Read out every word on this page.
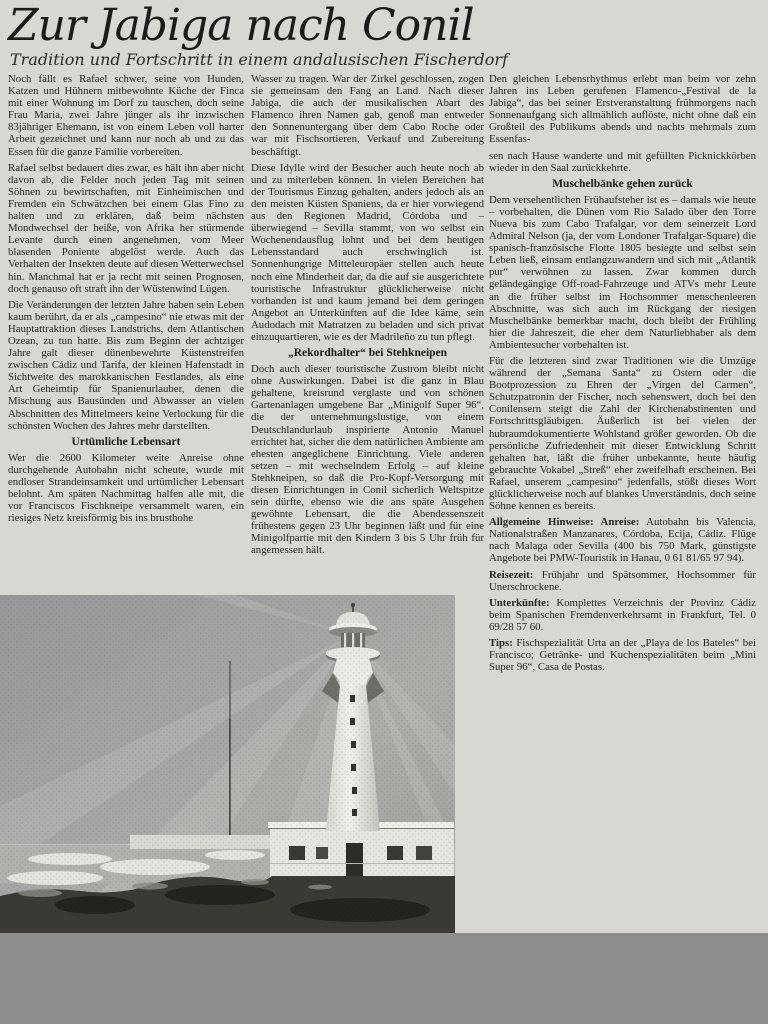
Zur Jabiga nach Conil

Tradition und Fortschritt in einem andalusischen Fischerdorf

Noch fällt es Rafael schwer, seine von Hunden, Katzen und Hühnern mitbewohnte Küche der Finca mit einer Wohnung im Dorf zu tauschen, doch seine Frau Maria, zwei Jahre jünger als ihr inzwischen 83jähriger Ehemann, ist von einem Leben voll harter Arbeit gezeichnet und kann nur noch ab und zu das Essen für die ganze Familie vorbereiten.

Rafael selbst bedauert dies zwar, es hält ihn aber nicht davon ab, die Felder noch jeden Tag mit seinen Söhnen zu bewirtschaften, mit Einheimischen und Fremden ein Schwätzchen bei einem Glas Fino zu halten und zu erklären, daß beim nächsten Mondwechsel der heiße, von Afrika her stürmende Levante durch einen angenehmen, vom Meer blasenden Poniente abgelöst werde. Auch das Verhalten der Insekten deute auf diesen Wetterwechsel hin. Manchmal hat er ja recht mit seinen Prognosen, doch genauso oft straft ihn der Wüstenwind Lügen.

Die Veränderungen der letzten Jahre haben sein Leben kaum berührt, da er als „campesino“ nie etwas mit der Hauptattraktion dieses Landstrichs, dem Atlantischen Ozean, zu tun hatte. Bis zum Beginn der achtziger Jahre galt dieser dünenbewehrte Küstenstreifen zwischen Cádiz und Tarifa, der kleinen Hafenstadt in Sichtweite des marokkanischen Festlandes, als eine Art Geheimtip für Spanienurlauber, denen die Mischung aus Bausünden und Abwasser an vielen Abschnitten des Mittelmeers keine Verlockung für die schönsten Wochen des Jahres mehr darstellten.

Urtümliche Lebensart

Wer die 2600 Kilometer weite Anreise ohne durchgehende Autobahn nicht scheute, wurde mit endloser Strandeinsamkeit und urtümlicher Lebensart belohnt. Am späten Nachmittag halfen alle mit, die vor Franciscos Fischkneipe versammelt waren, ein riesiges Netz kreisförmig bis ins brusthohe

Wasser zu tragen. War der Zirkel geschlossen, zogen sie gemeinsam den Fang an Land. Nach dieser Jabiga, die auch der musikalischen Abart des Flamenco ihren Namen gab, genoß man entweder den Sonnenuntergang über dem Cabo Roche oder war mit Fischsortieren, Verkauf und Zubereitung beschäftigt.

Diese Idylle wird der Besucher auch heute noch ab und zu miterleben können. In vielen Bereichen hat der Tourismus Einzug gehalten, anders jedoch als an den meisten Küsten Spaniens, da er hier vorwiegend aus den Regionen Madrid, Córdoba und – überwiegend – Sevilla stammt, von wo selbst ein Wochenendausflug lohnt und bei dem heutigen Lebensstandard auch erschwinglich ist. Sonnenhungrige Mitteleuropäer stellen auch heute noch eine Minderheit dar, da die auf sie ausgerichtete touristische Infrastruktur glücklicherweise nicht vorhanden ist und kaum jemand bei dem geringen Angebot an Unterkünften auf die Idee käme, sein Audodach mit Matratzen zu beladen und sich privat einzuquartieren, wie es der Madrileño zu tun pflegt.

„Rekordhalter“ bei Stehkneipen

Doch auch dieser touristische Zustrom bleibt nicht ohne Auswirkungen. Dabei ist die ganz in Blau gehaltene, kreisrund verglaste und von schönen Gartenanlagen umgebene Bar „Minigolf Super 96“, die der unternehmungslustige, von einem Deutschlandurlaub inspirierte Antonio Manuel errichtet hat, sicher die dem natürlichen Ambiente am ehesten angeglichene Einrichtung. Viele anderen setzen – mit wechselndem Erfolg – auf kleine Stehkneipen, so daß die Pro-Kopf-Versorgung mit diesen Einrichtungen in Conil sicherlich Weltspitze sein dürfte, ebenso wie die ans späte Ausgehen gewöhnte Lebensart, die die Abendessenszeit frühestens gegen 23 Uhr beginnen läßt und für eine Minigolfpartie mit den Kindern 3 bis 5 Uhr früh für angemessen hält.

Den gleichen Lebensrhythmus erlebt man beim vor zehn Jahren ins Leben gerufenen Flamenco-„Festival de la Jabiga“, das bei seiner Erstveranstaltung frühmorgens nach Sonnenaufgang sich allmählich auflöste, nicht ohne daß ein Großteil des Publikums abends und nachts mehrmals zum Essenfas-

sen nach Hause wanderte und mit gefüllten Picknickkörben wieder in den Saal zurückkehrte.

Muschelbänke gehen zurück

Dem versehentlichen Frühaufsteher ist es – damals wie heute – vorbehalten, die Dünen vom Rio Salado über den Torre Nueva bis zum Cabo Trafalgar, vor dem seinerzeit Lord Admiral Nelson (ja, der vom Londoner Trafalgar-Square) die spanisch-französische Flotte 1805 besiegte und selbst sein Leben ließ, einsam entlangzuwandern und sich mit „Atlantik pur“ verwöhnen zu lassen. Zwar kommen durch geländegängige Off-road-Fahrzeuge und ATVs mehr Leute an die früher selbst im Hochsommer menschenleeren Abschnitte, was sich auch im Rückgang der riesigen Muschelbänke bemerkbar macht, doch bleibt der Frühling hier die Jahreszeit, die eher dem Naturliebhaber als dem Ambientesucher vorbehalten ist.

Für die letzteren sind zwar Traditionen wie die Umzüge während der „Semana Santa“ zu Ostern oder die Bootprozession zu Ehren der „Virgen del Carmen“, Schutzpatronin der Fischer, noch sehenswert, doch bei den Conilensern steigt die Zahl der Kirchenabstinenten und Fortschrittsgläubigen. Äußerlich ist bei vielen der hubraumdokumentierte Wohlstand größer geworden. Ob die persönliche Zufriedenheit mit dieser Entwicklung Schritt gehalten hat, läßt die früher unbekannte, heute häufig gebrauchte Vokabel „Streß“ eher zweifelhaft erscheinen. Bei Rafael, unserem „campesino“ jedenfalls, stößt dieses Wort glücklicherweise noch auf blankes Unverständnis, doch seine Söhne kennen es bereits.

Allgemeine Hinweise: Anreise: Autobahn bis Valencia, Nationalstraßen Manzanares, Córdoba, Ecija, Cádiz. Flüge nach Malaga oder Sevilla (400 bis 750 Mark, günstigste Angebote bei PMW-Touristik in Hanau, 0 61 81/65 97 94).

Reisezeit: Frühjahr und Spätsommer, Hochsommer für Unerschrockene.

Unterkünfte: Komplettes Verzeichnis der Provinz Cádiz beim Spanischen Fremdenverkehrsamt in Frankfurt, Tel. 0 69/28 57 60.

Tips: Fischspezialität Urta an der „Playa de los Bateles“ bei Francisco; Getränke- und Kuchenspezialitäten beim „Mini Super 96“, Casa de Postas.
